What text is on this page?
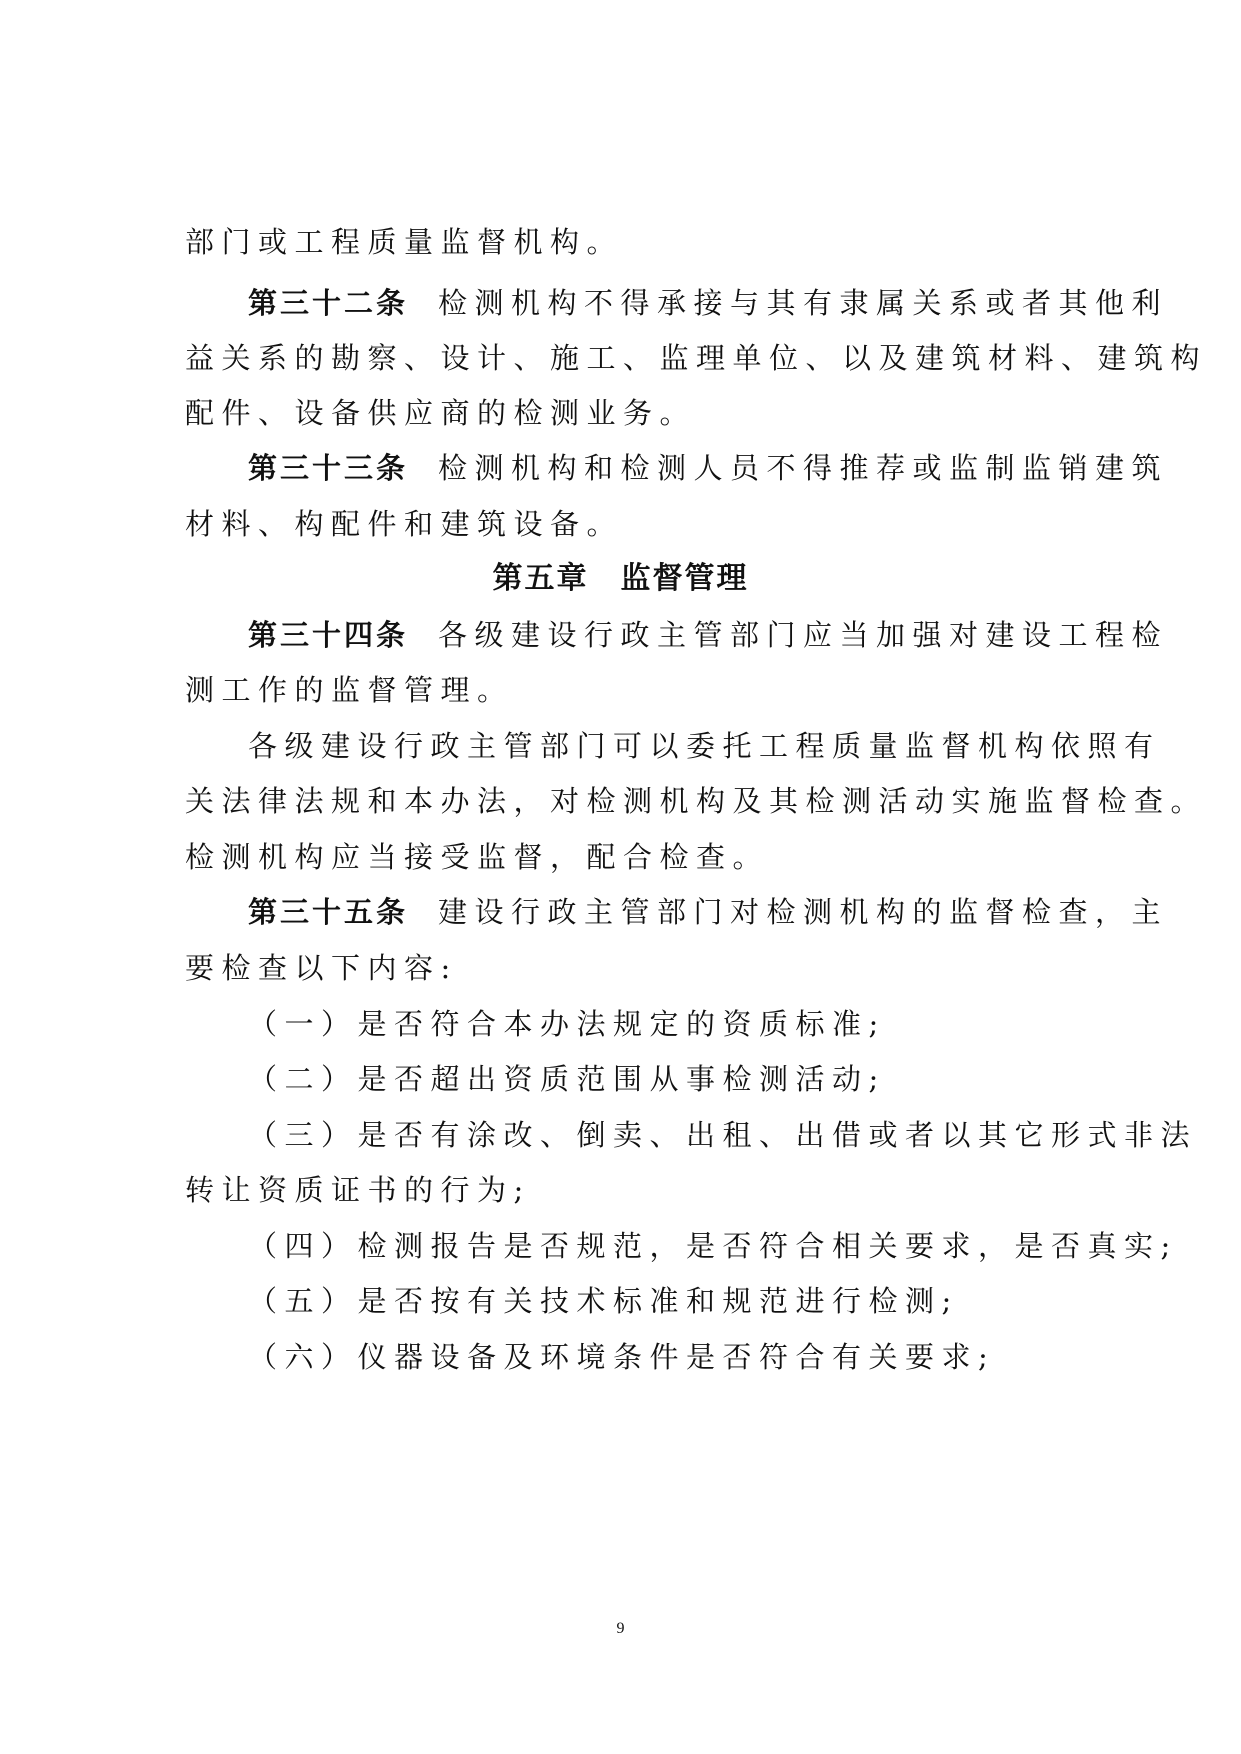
部门或工程质量监督机构。
第三十二条 检测机构不得承接与其有隶属关系或者其他利
益关系的勘察、设计、施工、监理单位、以及建筑材料、建筑构
配件、设备供应商的检测业务。
第三十三条 检测机构和检测人员不得推荐或监制监销建筑
材料、构配件和建筑设备。
第五章　监督管理
第三十四条 各级建设行政主管部门应当加强对建设工程检
测工作的监督管理。
各级建设行政主管部门可以委托工程质量监督机构依照有
关法律法规和本办法，对检测机构及其检测活动实施监督检查。
检测机构应当接受监督，配合检查。
第三十五条 建设行政主管部门对检测机构的监督检查，主
要检查以下内容:
（一）是否符合本办法规定的资质标准;
（二）是否超出资质范围从事检测活动;
（三）是否有涂改、倒卖、出租、出借或者以其它形式非法
转让资质证书的行为;
（四）检测报告是否规范，是否符合相关要求，是否真实;
（五）是否按有关技术标准和规范进行检测;
（六）仪器设备及环境条件是否符合有关要求;
9
